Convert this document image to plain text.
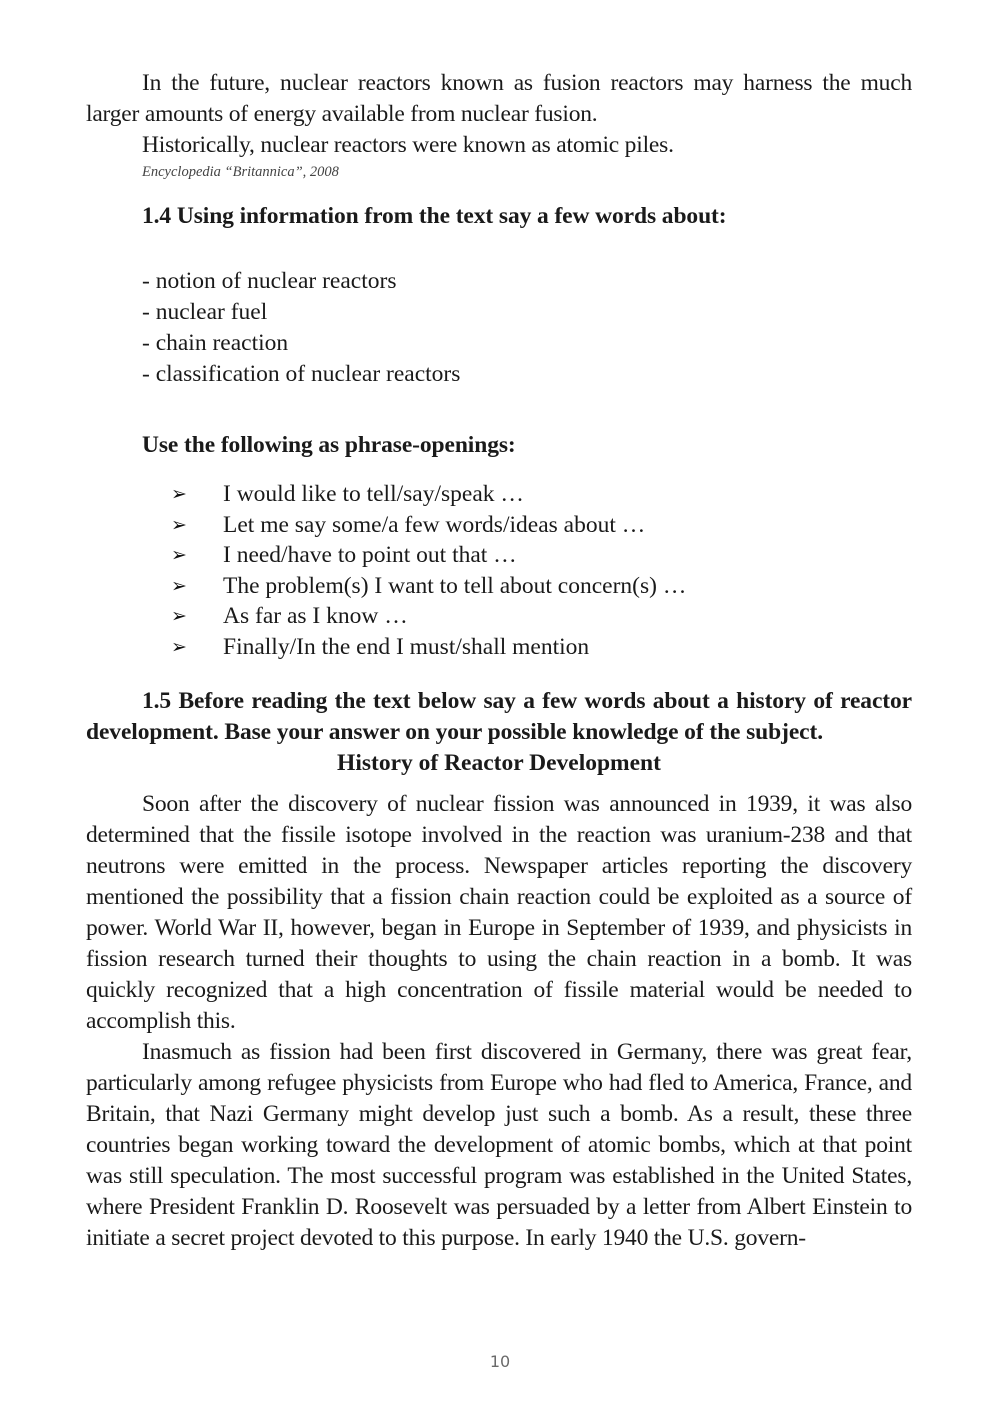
In the future, nuclear reactors known as fusion reactors may harness the much larger amounts of energy available from nuclear fusion.

Historically, nuclear reactors were known as atomic piles.

Encyclopedia “Britannica”, 2008

1.4 Using information from the text say a few words about:
- notion of nuclear reactors
- nuclear fuel
- chain reaction
- classification of nuclear reactors
Use the following as phrase-openings:
➢	I would like to tell/say/speak …
➢	Let me say some/a few words/ideas about …
➢	I need/have to point out that …
➢	The problem(s) I want to tell about concern(s) …
➢	As far as I know …
➢	Finally/In the end I must/shall mention
1.5 Before reading the text below say a few words about a history of reactor development. Base your answer on your possible knowledge of the subject.
History of Reactor Development

Soon after the discovery of nuclear fission was announced in 1939, it was also determined that the fissile isotope involved in the reaction was uranium-238 and that neutrons were emitted in the process. Newspaper articles reporting the discovery mentioned the possibility that a fission chain reaction could be exploited as a source of power. World War II, however, began in Europe in September of 1939, and physicists in fission research turned their thoughts to using the chain reaction in a bomb. It was quickly recognized that a high concentration of fissile material would be needed to accomplish this.

Inasmuch as fission had been first discovered in Germany, there was great fear, particularly among refugee physicists from Europe who had fled to America, France, and Britain, that Nazi Germany might develop just such a bomb. As a result, these three countries began working toward the development of atomic bombs, which at that point was still speculation. The most successful program was established in the United States, where President Franklin D. Roosevelt was persuaded by a letter from Albert Einstein to initiate a secret project devoted to this purpose. In early 1940 the U.S. govern-

10
